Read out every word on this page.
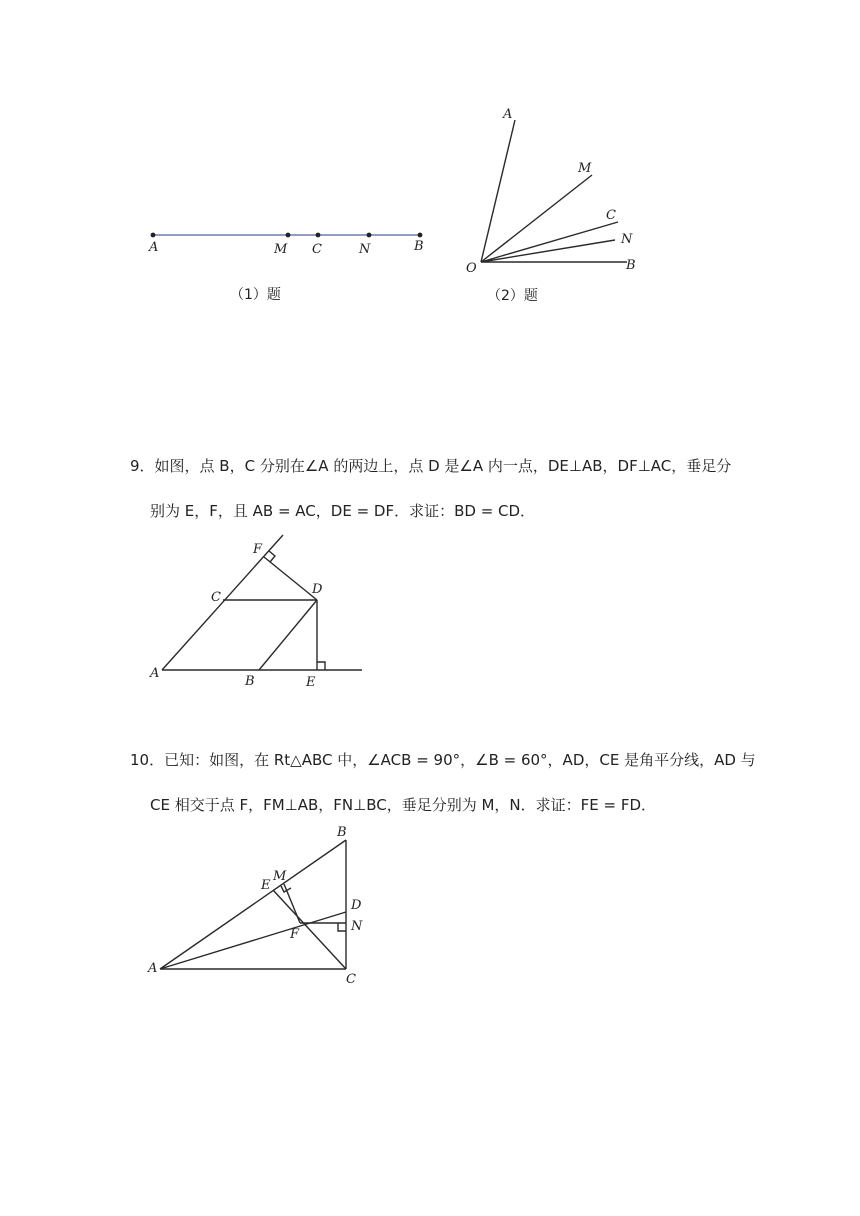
A	M C	N	B
（1）题
A
M
C
N
B
O
（2）题
F
C
D
A
B	E
B
M
E
D
N
F
A
C
9．如图，点 B，C 分别在∠A 的两边上，点 D 是∠A 内一点，DE⊥AB，DF⊥AC，垂足分
别为 E，F，且 AB = AC，DE = DF．求证：BD = CD．
10．已知：如图，在 Rt△ABC 中，∠ACB = 90°，∠B = 60°，AD，CE 是角平分线，AD 与
CE 相交于点 F，FM⊥AB，FN⊥BC，垂足分别为 M，N．求证：FE = FD．
